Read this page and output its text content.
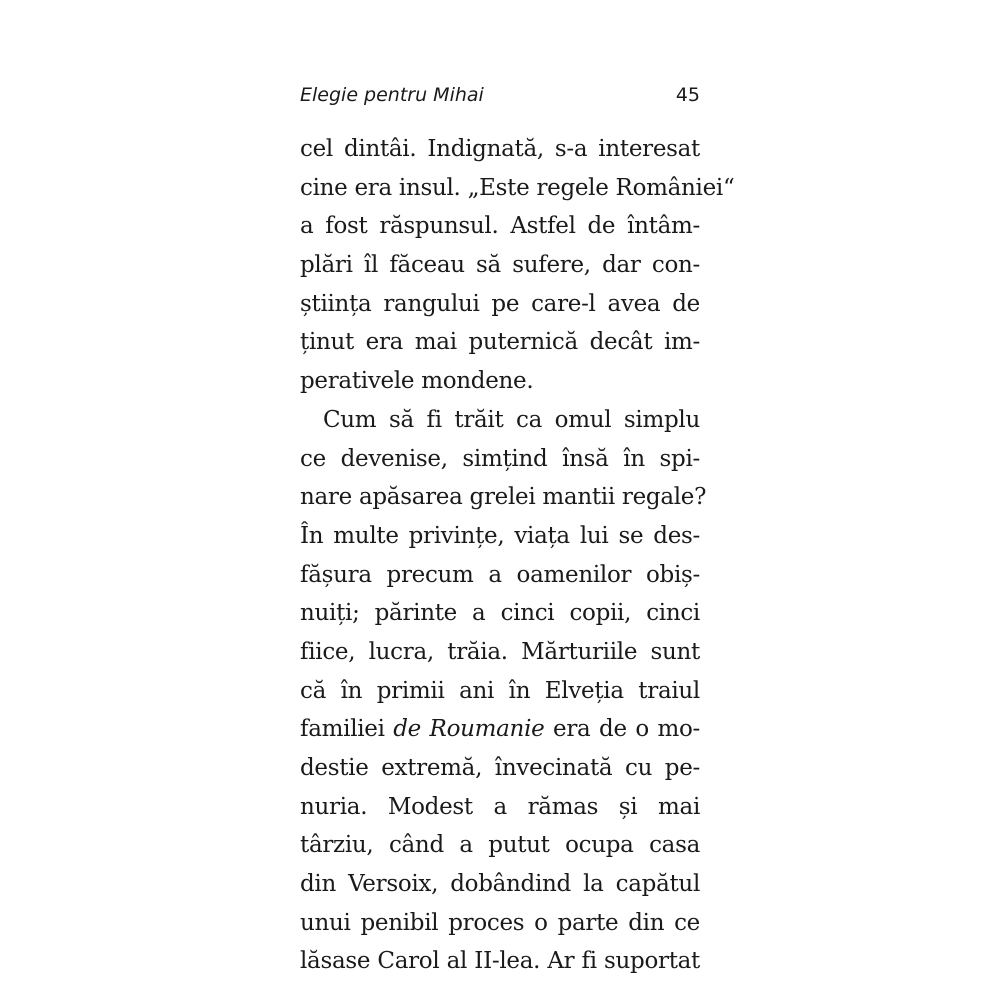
Elegie pentru Mihai	45
cel dintâi. Indignată, s-a interesat
cine era insul. „Este regele României“
a fost răspunsul. Astfel de întâm-
plări îl făceau să sufere, dar con-
știința rangului pe care-l avea de
ținut era mai puternică decât im-
perativele mondene.
Cum să fi trăit ca omul simplu
ce devenise, simțind însă în spi-
nare apăsarea grelei mantii regale?
În multe privințe, viața lui se des-
fășura precum a oamenilor obiș-
nuiți; părinte a cinci copii, cinci
fiice, lucra, trăia. Mărturiile sunt
că în primii ani în Elveția traiul
familiei de Roumanie era de o mo-
destie extremă, învecinată cu pe-
nuria. Modest a rămas și mai
târziu, când a putut ocupa casa
din Versoix, dobândind la capătul
unui penibil proces o parte din ce
lăsase Carol al II-lea. Ar fi suportat
